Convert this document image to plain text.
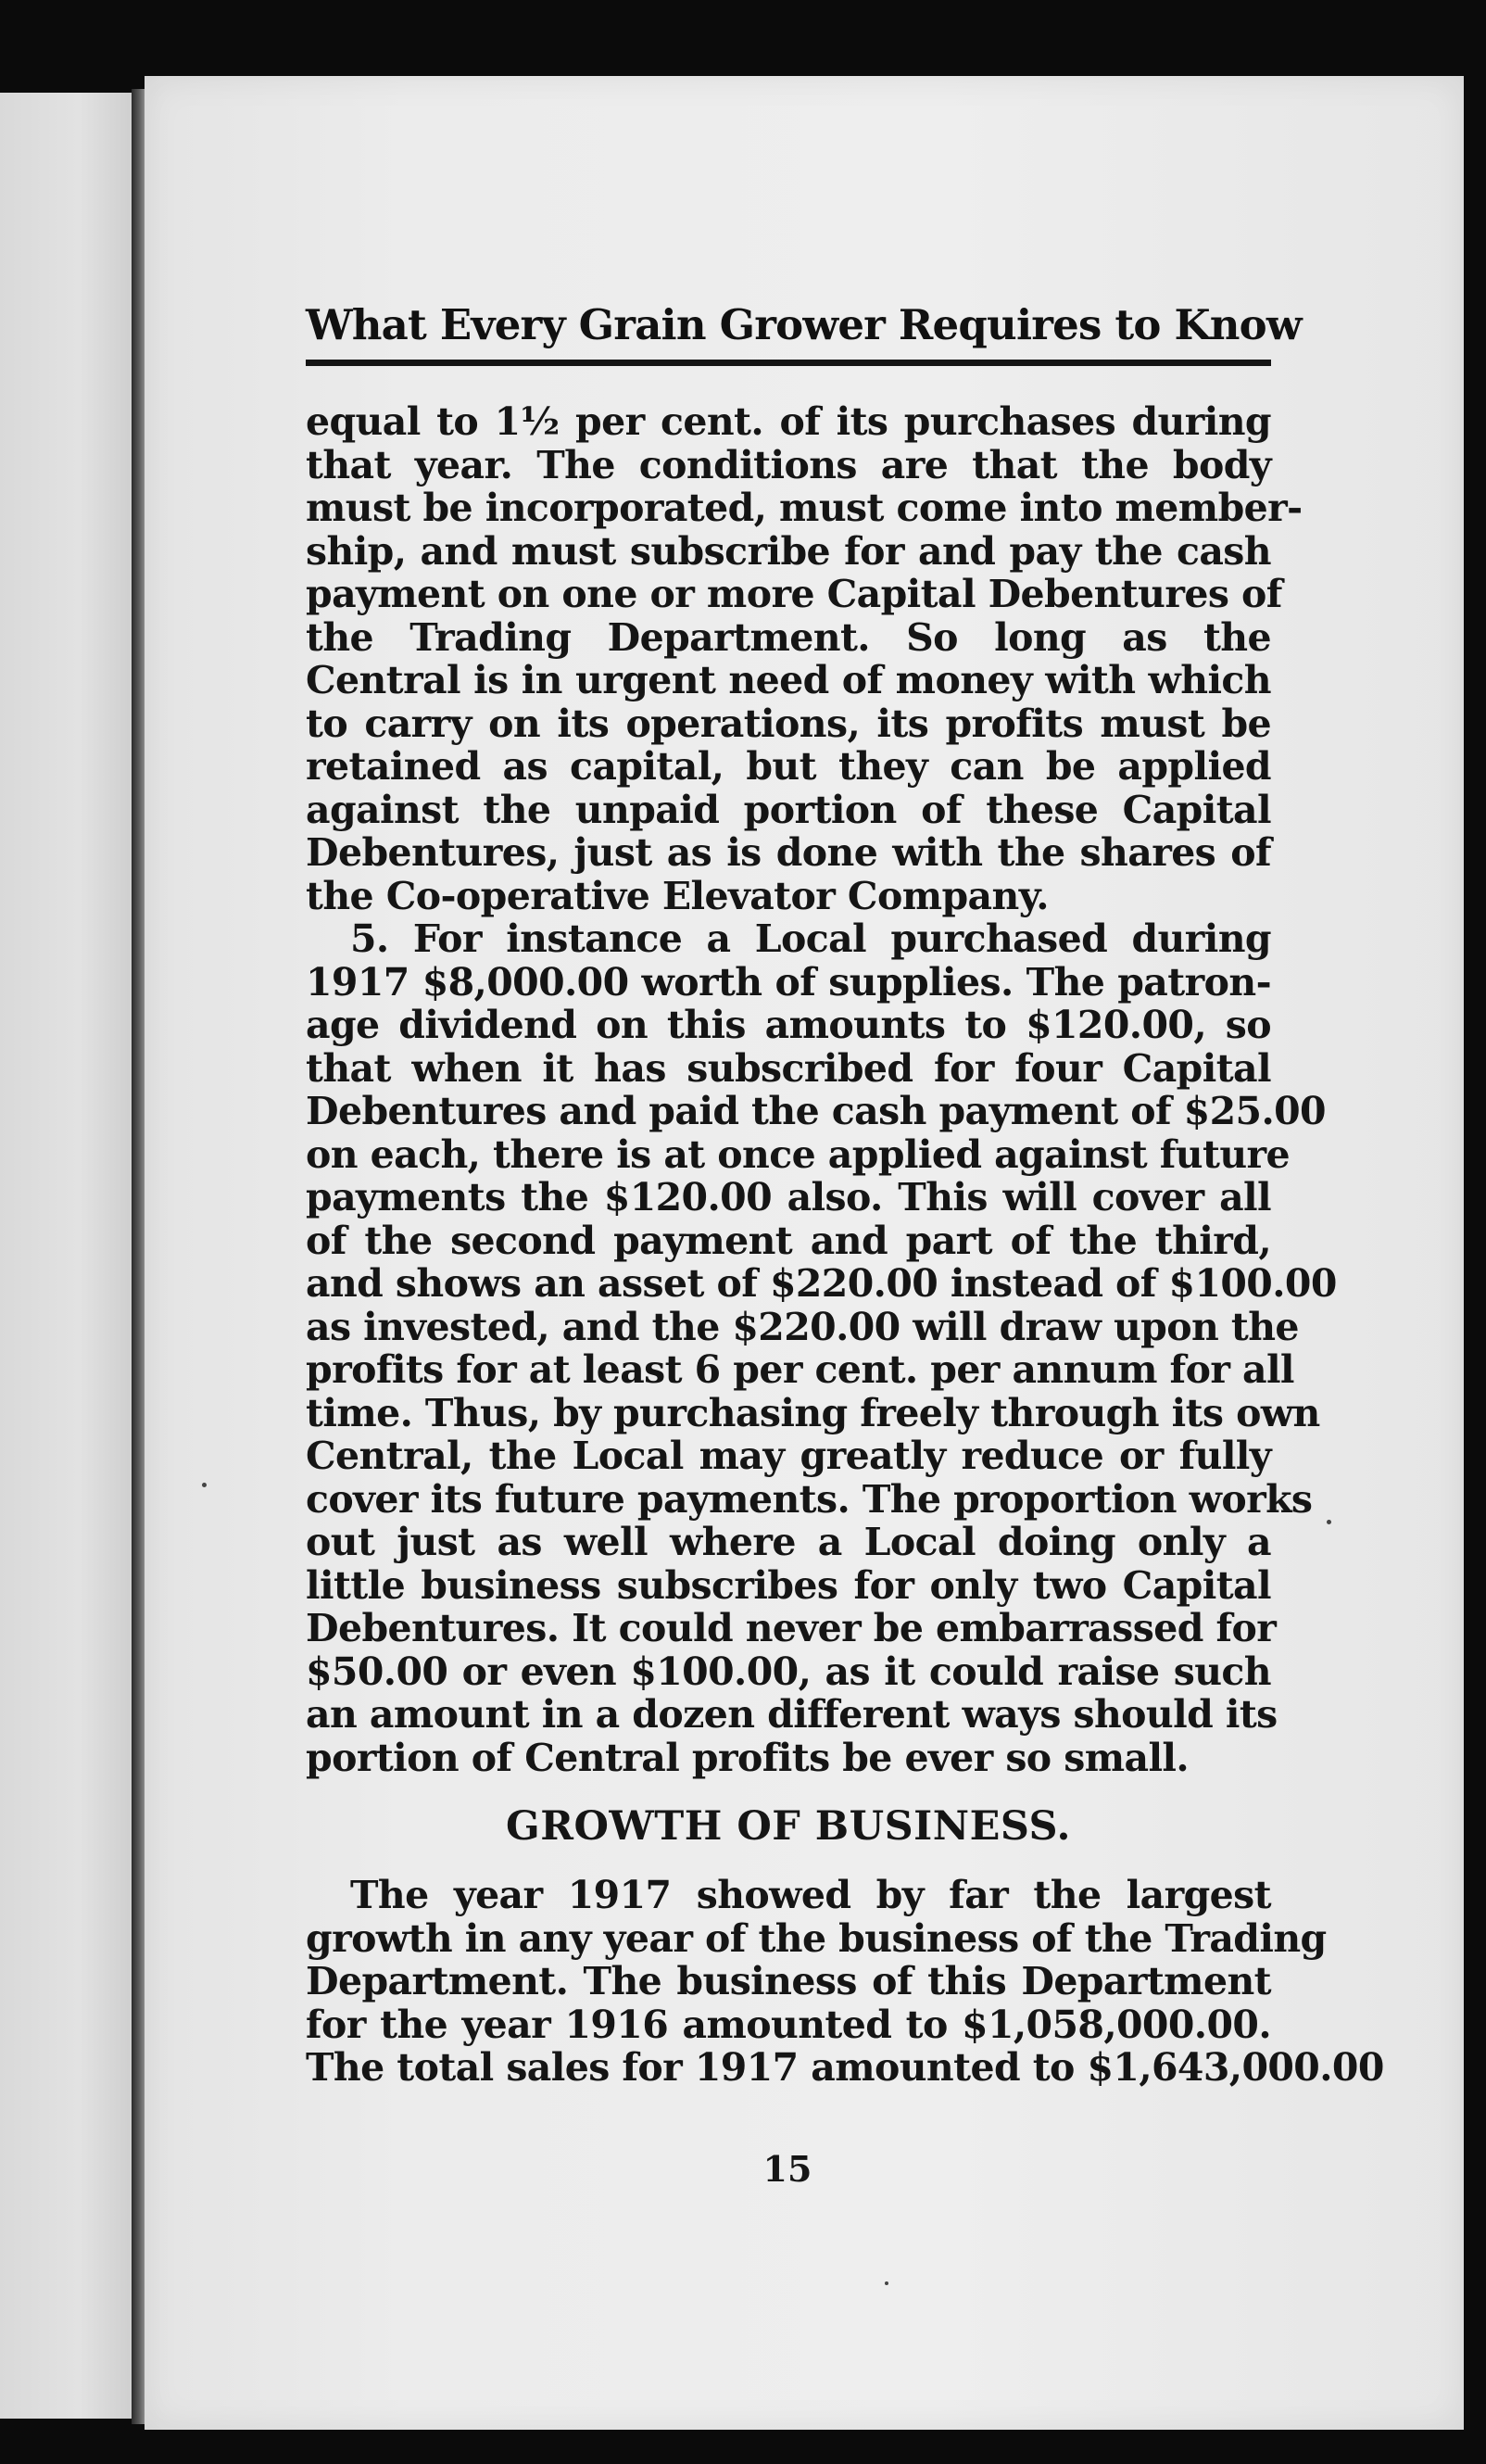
What Every Grain Grower Requires to Know
equal to 1½ per cent. of its purchases during
that year. The conditions are that the body
must be incorporated, must come into member-
ship, and must subscribe for and pay the cash
payment on one or more Capital Debentures of
the Trading Department. So long as the
Central is in urgent need of money with which
to carry on its operations, its profits must be
retained as capital, but they can be applied
against the unpaid portion of these Capital
Debentures, just as is done with the shares of
the Co-operative Elevator Company.
5. For instance a Local purchased during
1917 $8,000.00 worth of supplies. The patron-
age dividend on this amounts to $120.00, so
that when it has subscribed for four Capital
Debentures and paid the cash payment of $25.00
on each, there is at once applied against future
payments the $120.00 also. This will cover all
of the second payment and part of the third,
and shows an asset of $220.00 instead of $100.00
as invested, and the $220.00 will draw upon the
profits for at least 6 per cent. per annum for all
time. Thus, by purchasing freely through its own
Central, the Local may greatly reduce or fully
cover its future payments. The proportion works
out just as well where a Local doing only a
little business subscribes for only two Capital
Debentures. It could never be embarrassed for
$50.00 or even $100.00, as it could raise such
an amount in a dozen different ways should its
portion of Central profits be ever so small.
GROWTH OF BUSINESS.
The year 1917 showed by far the largest
growth in any year of the business of the Trading
Department. The business of this Department
for the year 1916 amounted to $1,058,000.00.
The total sales for 1917 amounted to $1,643,000.00
15
